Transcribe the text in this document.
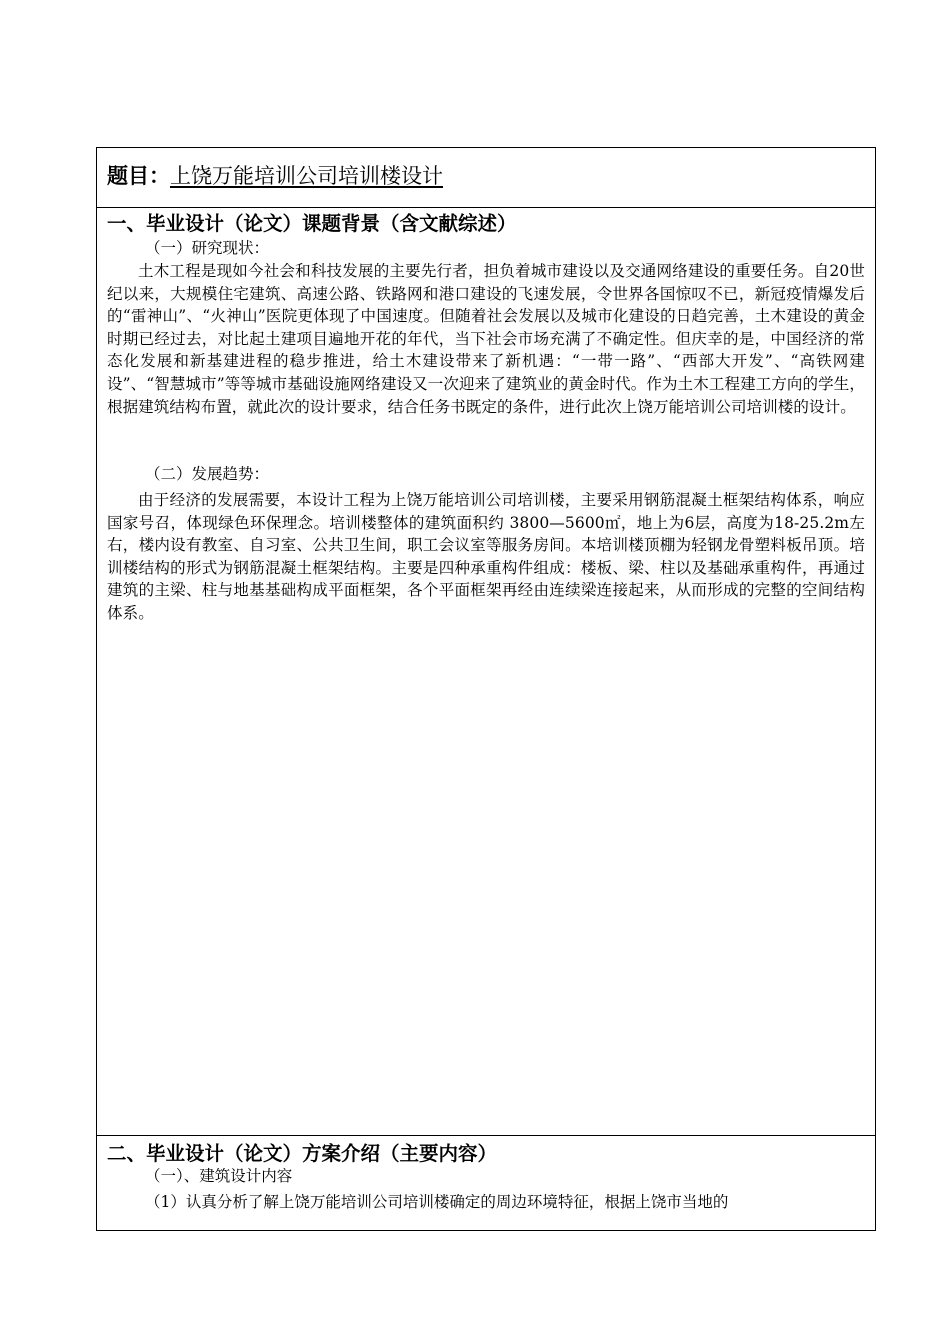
题目：上饶万能培训公司培训楼设计
一、毕业设计（论文）课题背景（含文献综述）
（一）研究现状：

土木工程是现如今社会和科技发展的主要先行者，担负着城市建设以及交通网络建设的重要任务。自20世纪以来，大规模住宅建筑、高速公路、铁路网和港口建设的飞速发展，令世界各国惊叹不已，新冠疫情爆发后的“雷神山”、“火神山”医院更体现了中国速度。但随着社会发展以及城市化建设的日趋完善，土木建设的黄金时期已经过去，对比起土建项目遍地开花的年代，当下社会市场充满了不确定性。但庆幸的是，中国经济的常态化发展和新基建进程的稳步推进，给土木建设带来了新机遇：“一带一路”、“西部大开发”、“高铁网建设”、“智慧城市”等等城市基础设施网络建设又一次迎来了建筑业的黄金时代。作为土木工程建工方向的学生，根据建筑结构布置，就此次的设计要求，结合任务书既定的条件，进行此次上饶万能培训公司培训楼的设计。

（二）发展趋势：

由于经济的发展需要，本设计工程为上饶万能培训公司培训楼，主要采用钢筋混凝土框架结构体系，响应国家号召，体现绿色环保理念。培训楼整体的建筑面积约 3800—5600㎡，地上为6层，高度为18-25.2m左右，楼内设有教室、自习室、公共卫生间，职工会议室等服务房间。本培训楼顶棚为轻钢龙骨塑料板吊顶。培训楼结构的形式为钢筋混凝土框架结构。主要是四种承重构件组成：楼板、梁、柱以及基础承重构件，再通过建筑的主梁、柱与地基基础构成平面框架，各个平面框架再经由连续梁连接起来，从而形成的完整的空间结构体系。

二、毕业设计（论文）方案介绍（主要内容）
（一）、建筑设计内容
（1）认真分析了解上饶万能培训公司培训楼确定的周边环境特征，根据上饶市当地的
